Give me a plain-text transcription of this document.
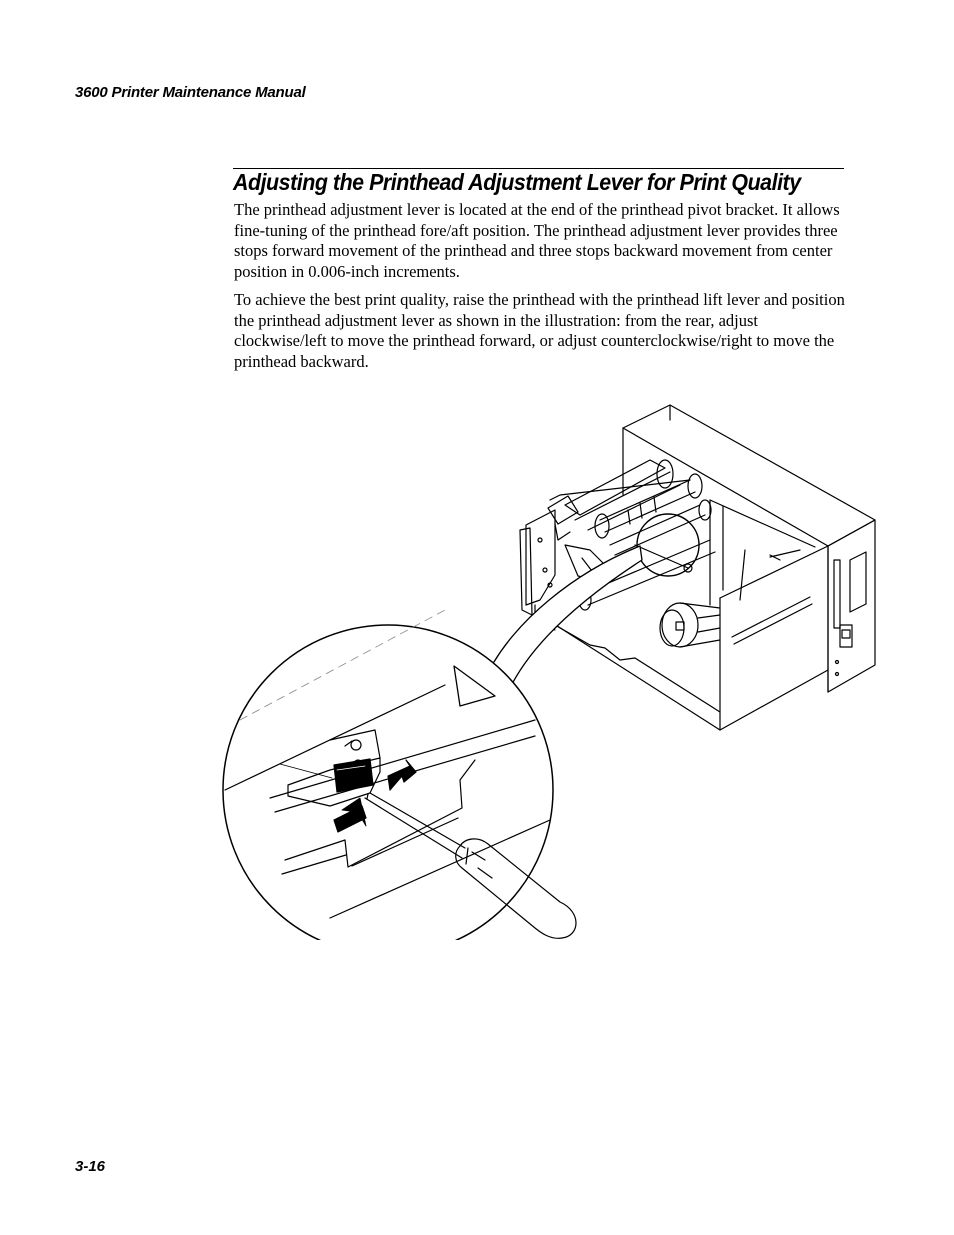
3600 Printer Maintenance Manual
Adjusting the Printhead Adjustment Lever for Print Quality

The printhead adjustment lever is located at the end of the printhead pivot bracket. It allows fine-tuning of the printhead fore/aft position. The printhead adjustment lever provides three stops forward movement of the printhead and three stops backward movement from center position in 0.006-inch increments.

To achieve the best print quality, raise the printhead with the printhead lift lever and position the printhead adjustment lever as shown in the illustration: from the rear, adjust clockwise/left to move the printhead forward, or adjust counterclockwise/right to move the printhead backward.

3-16
